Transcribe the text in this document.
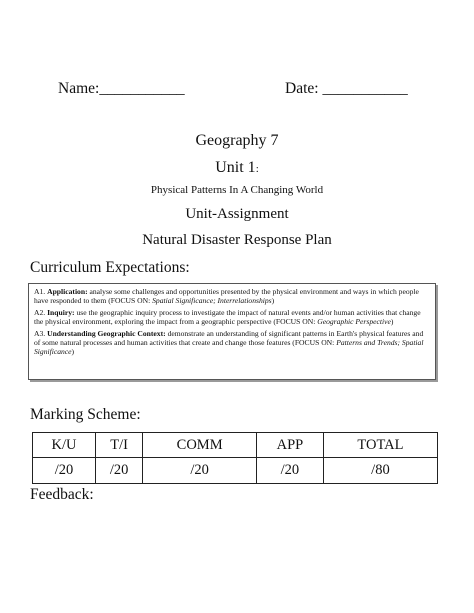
Name:___________	Date: ___________
Geography 7
Unit 1:
Physical Patterns In A Changing World
Unit-Assignment
Natural Disaster Response Plan
Curriculum Expectations:
A1. Application: analyse some challenges and opportunities presented by the physical environment and ways in which people have responded to them (FOCUS ON: Spatial Significance; Interrelationships)
A2. Inquiry: use the geographic inquiry process to investigate the impact of natural events and/or human activities that change the physical environment, exploring the impact from a geographic perspective (FOCUS ON: Geographic Perspective)
A3. Understanding Geographic Context: demonstrate an understanding of significant patterns in Earth's physical features and of some natural processes and human activities that create and change those features (FOCUS ON: Patterns and Trends; Spatial Significance)
Marking Scheme:
K/U	T/I	COMM	APP	TOTAL
/20	/20	/20	/20	/80
Feedback:
